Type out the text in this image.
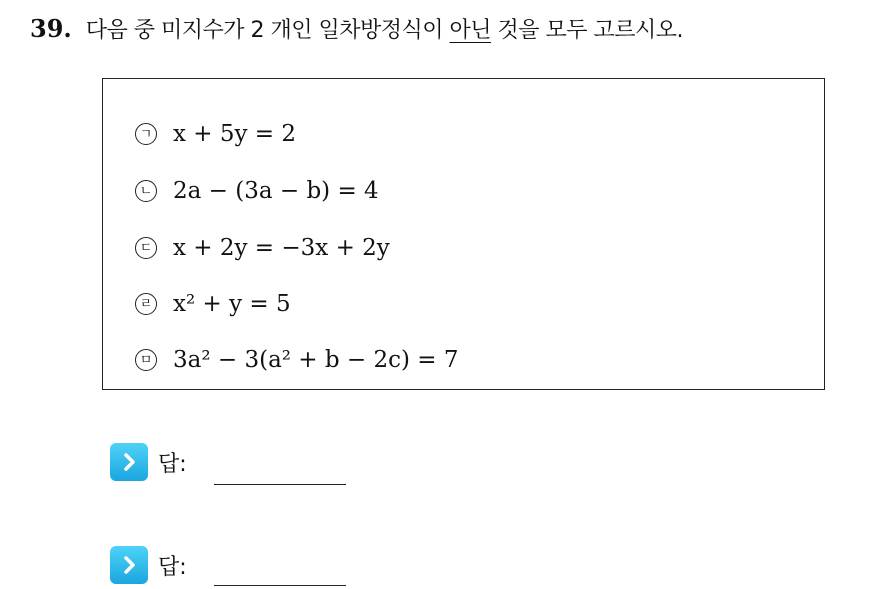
39. 다음 중 미지수가 2 개인 일차방정식이 아닌 것을 모두 고르시오.
ㄱ x + 5y = 2
ㄴ 2a − (3a − b) = 4
ㄷ x + 2y = −3x + 2y
ㄹ x² + y = 5
ㅁ 3a² − 3(a² + b − 2c) = 7
답:
답:
